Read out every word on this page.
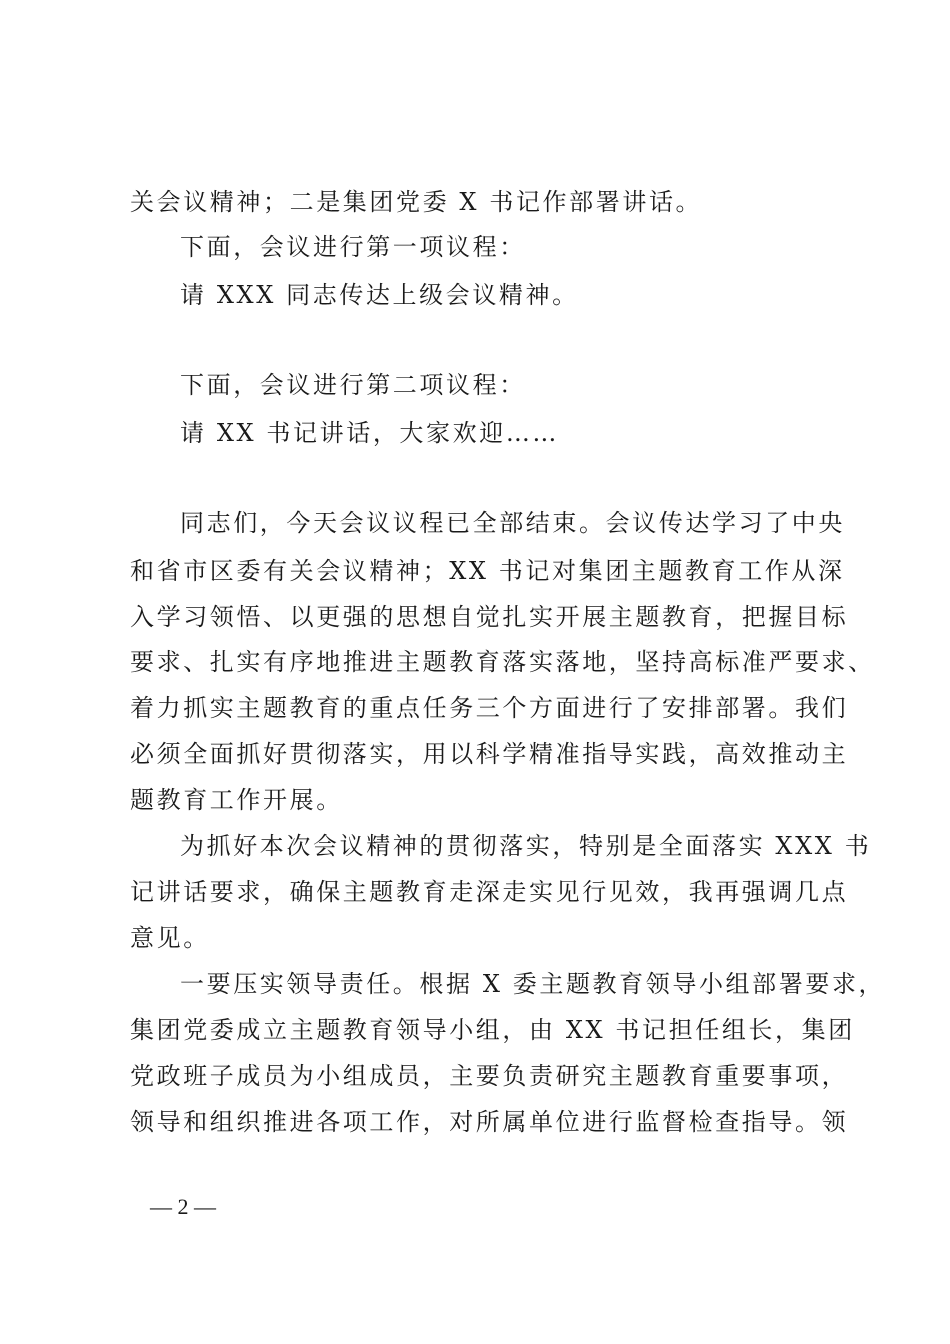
关会议精神；二是集团党委 X 书记作部署讲话。
下面，会议进行第一项议程：
请 XXX 同志传达上级会议精神。
下面，会议进行第二项议程：
请 XX 书记讲话，大家欢迎……
同志们，今天会议议程已全部结束。会议传达学习了中央
和省市区委有关会议精神；XX 书记对集团主题教育工作从深
入学习领悟、以更强的思想自觉扎实开展主题教育，把握目标
要求、扎实有序地推进主题教育落实落地，坚持高标准严要求、
着力抓实主题教育的重点任务三个方面进行了安排部署。我们
必须全面抓好贯彻落实，用以科学精准指导实践，高效推动主
题教育工作开展。
为抓好本次会议精神的贯彻落实，特别是全面落实 XXX 书
记讲话要求，确保主题教育走深走实见行见效，我再强调几点
意见。
一要压实领导责任。根据 X 委主题教育领导小组部署要求，
集团党委成立主题教育领导小组，由 XX 书记担任组长，集团
党政班子成员为小组成员，主要负责研究主题教育重要事项，
领导和组织推进各项工作，对所属单位进行监督检查指导。领
— 2 —
